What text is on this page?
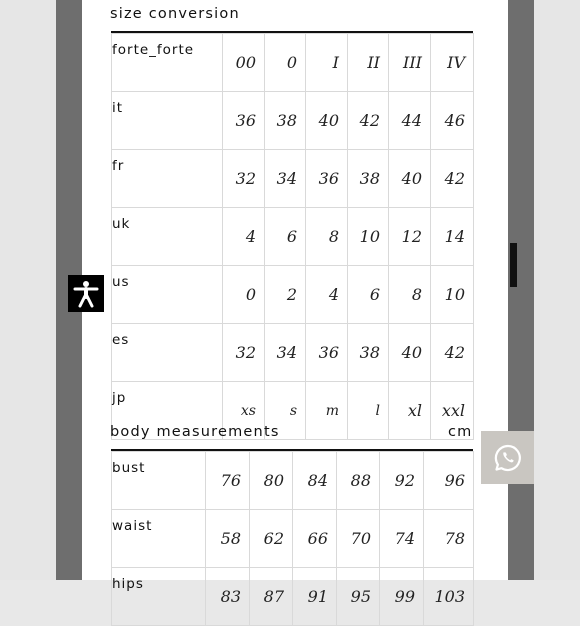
size conversion
forte_forte	00	0	I	II	III	IV
it	36	38	40	42	44	46
fr	32	34	36	38	40	42
uk	4	6	8	10	12	14
us	0	2	4	6	8	10
es	32	34	36	38	40	42
jp	xs	s	m	l	xl	xxl
body measurements	cm
bust	76	80	84	88	92	96
waist	58	62	66	70	74	78
hips	83	87	91	95	99	103
